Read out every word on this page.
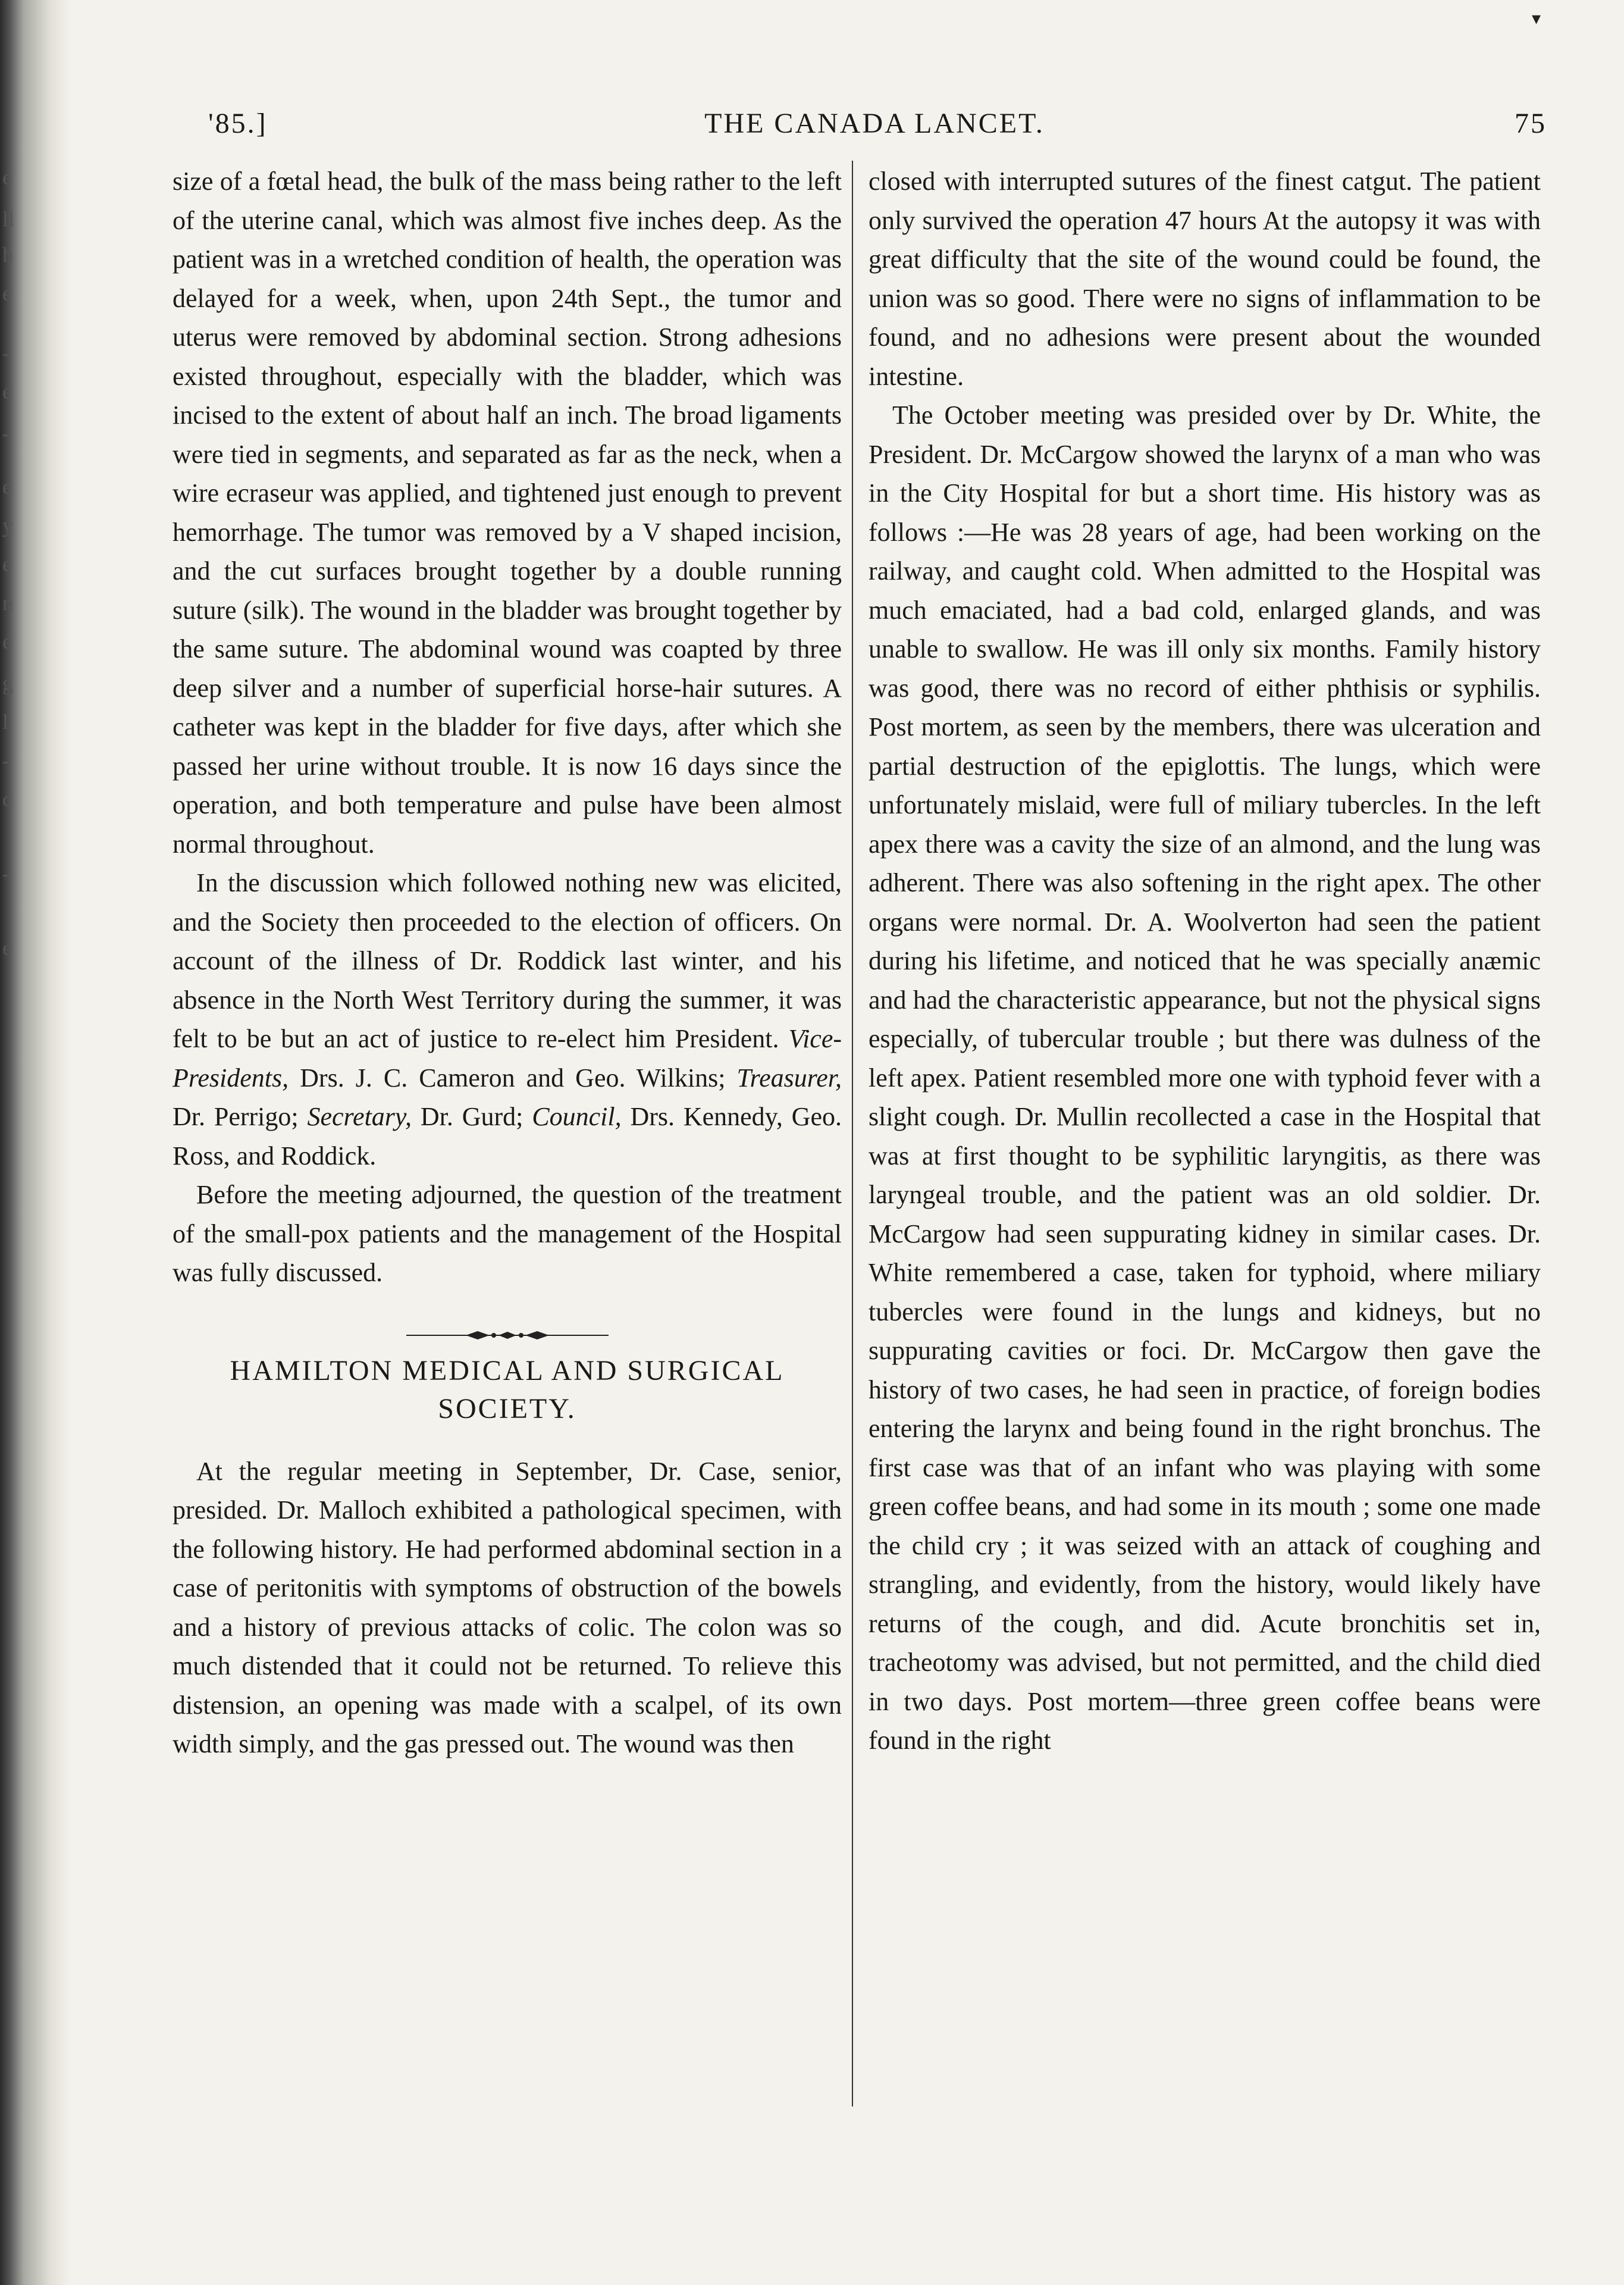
e
ll
h
e
-
e
-
e
y
e
n
e
g
l
-
c
-
e
▾
'85.]	THE CANADA LANCET.	75

size of a fœtal head, the bulk of the mass being rather to the left of the uterine canal, which was almost five inches deep. As the patient was in a wretched condition of health, the operation was delayed for a week, when, upon 24th Sept., the tumor and uterus were removed by abdominal section. Strong adhesions existed throughout, especially with the bladder, which was incised to the extent of about half an inch. The broad ligaments were tied in segments, and separated as far as the neck, when a wire ecraseur was applied, and tightened just enough to prevent hemorrhage. The tumor was removed by a V shaped incision, and the cut surfaces brought together by a double running suture (silk). The wound in the bladder was brought together by the same suture. The abdominal wound was coapted by three deep silver and a number of superficial horse-hair sutures. A catheter was kept in the bladder for five days, after which she passed her urine without trouble. It is now 16 days since the operation, and both temperature and pulse have been almost normal throughout.

In the discussion which followed nothing new was elicited, and the Society then proceeded to the election of officers. On account of the illness of Dr. Roddick last winter, and his absence in the North West Territory during the summer, it was felt to be but an act of justice to re-elect him President. Vice-Presidents, Drs. J. C. Cameron and Geo. Wilkins; Treasurer, Dr. Perrigo; Secretary, Dr. Gurd; Council, Drs. Kennedy, Geo. Ross, and Roddick.

Before the meeting adjourned, the question of the treatment of the small-pox patients and the management of the Hospital was fully discussed.

HAMILTON MEDICAL AND SURGICAL SOCIETY.

At the regular meeting in September, Dr. Case, senior, presided. Dr. Malloch exhibited a pathological specimen, with the following history. He had performed abdominal section in a case of peritonitis with symptoms of obstruction of the bowels and a history of previous attacks of colic. The colon was so much distended that it could not be returned. To relieve this distension, an opening was made with a scalpel, of its own width simply, and the gas pressed out. The wound was then

closed with interrupted sutures of the finest catgut. The patient only survived the operation 47 hours At the autopsy it was with great difficulty that the site of the wound could be found, the union was so good. There were no signs of inflammation to be found, and no adhesions were present about the wounded intestine.

The October meeting was presided over by Dr. White, the President. Dr. McCargow showed the larynx of a man who was in the City Hospital for but a short time. His history was as follows :—He was 28 years of age, had been working on the railway, and caught cold. When admitted to the Hospital was much emaciated, had a bad cold, enlarged glands, and was unable to swallow. He was ill only six months. Family history was good, there was no record of either phthisis or syphilis. Post mortem, as seen by the members, there was ulceration and partial destruction of the epiglottis. The lungs, which were unfortunately mislaid, were full of miliary tubercles. In the left apex there was a cavity the size of an almond, and the lung was adherent. There was also softening in the right apex. The other organs were normal. Dr. A. Woolverton had seen the patient during his lifetime, and noticed that he was specially anæmic and had the characteristic appearance, but not the physical signs especially, of tubercular trouble ; but there was dulness of the left apex. Patient resembled more one with typhoid fever with a slight cough. Dr. Mullin recollected a case in the Hospital that was at first thought to be syphilitic laryngitis, as there was laryngeal trouble, and the patient was an old soldier. Dr. McCargow had seen suppurating kidney in similar cases. Dr. White remembered a case, taken for typhoid, where miliary tubercles were found in the lungs and kidneys, but no suppurating cavities or foci. Dr. McCargow then gave the history of two cases, he had seen in practice, of foreign bodies entering the larynx and being found in the right bronchus. The first case was that of an infant who was playing with some green coffee beans, and had some in its mouth ; some one made the child cry ; it was seized with an attack of coughing and strangling, and evidently, from the history, would likely have returns of the cough, and did. Acute bronchitis set in, tracheotomy was advised, but not permitted, and the child died in two days. Post mortem—three green coffee beans were found in the right
